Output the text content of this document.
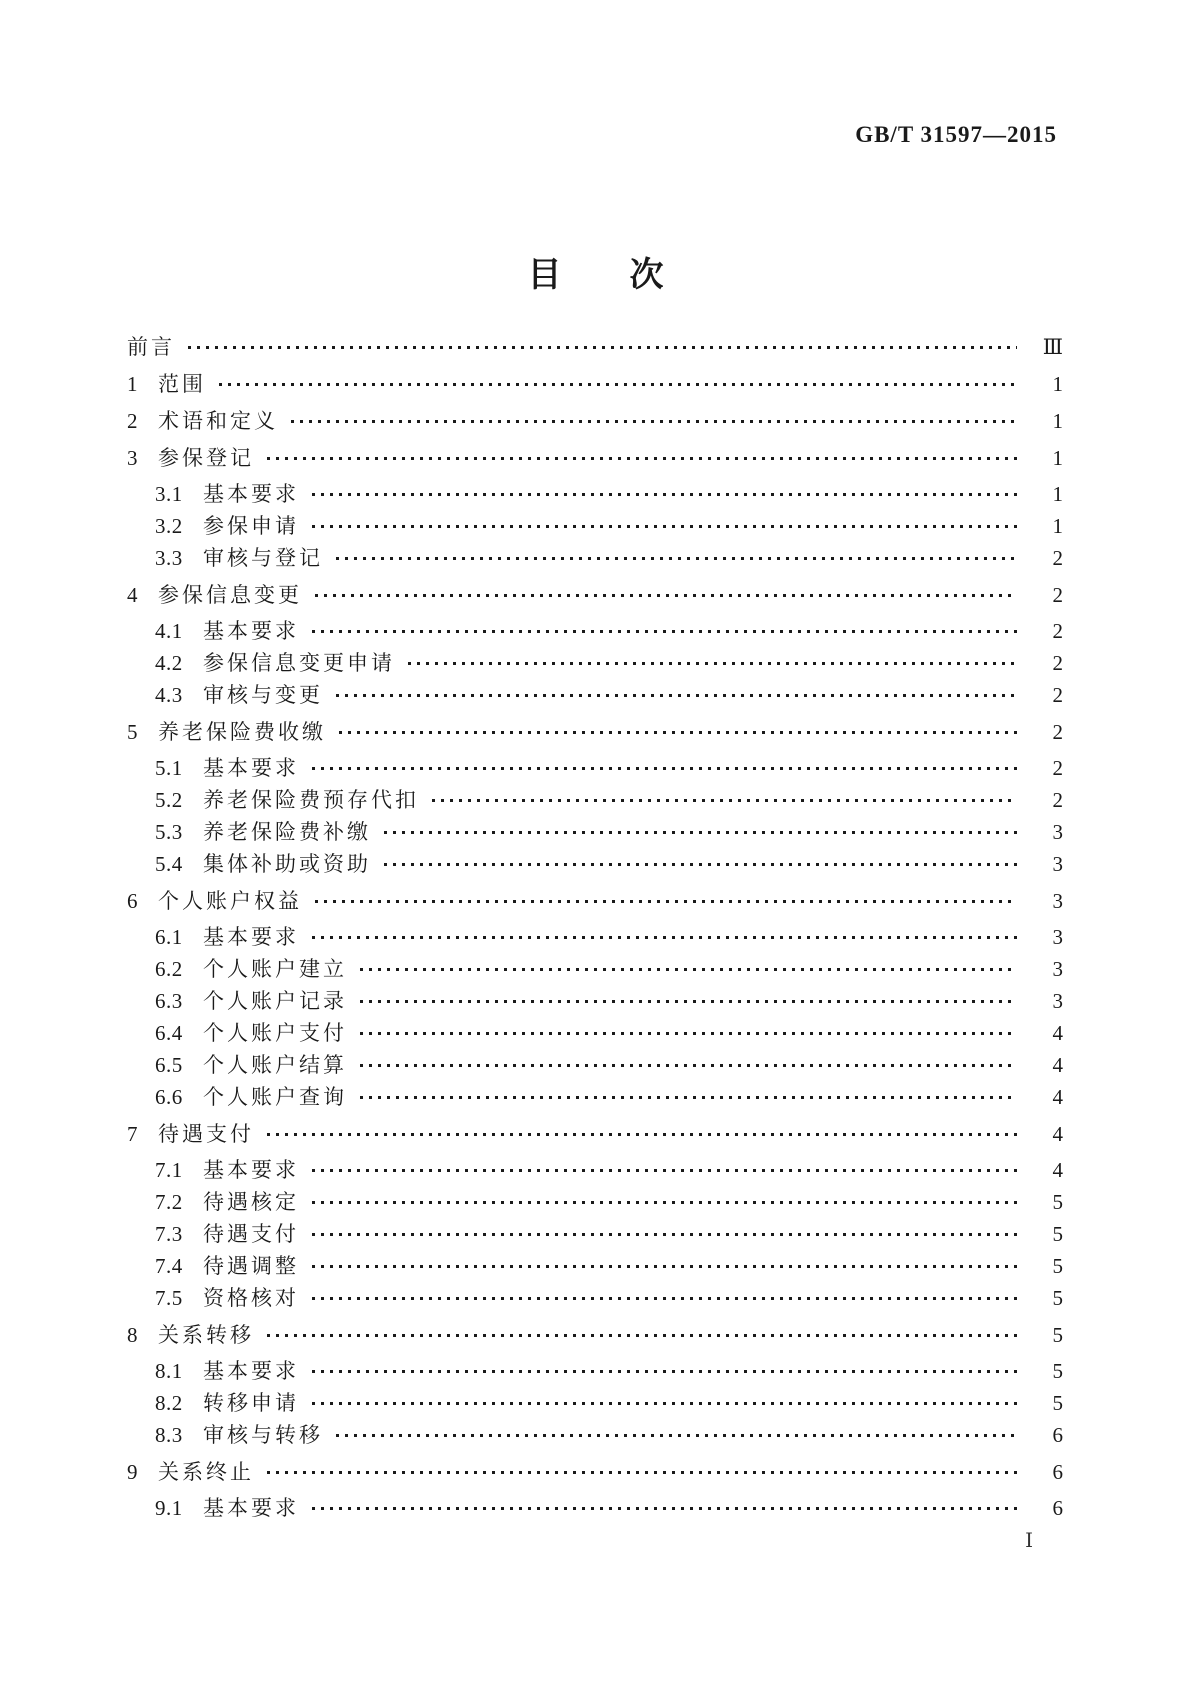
GB/T 31597—2015
目　　次
前言	Ⅲ
1 范围	1
2 术语和定义	1
3 参保登记	1
3.1 基本要求	1
3.2 参保申请	1
3.3 审核与登记	2
4 参保信息变更	2
4.1 基本要求	2
4.2 参保信息变更申请	2
4.3 审核与变更	2
5 养老保险费收缴	2
5.1 基本要求	2
5.2 养老保险费预存代扣	2
5.3 养老保险费补缴	3
5.4 集体补助或资助	3
6 个人账户权益	3
6.1 基本要求	3
6.2 个人账户建立	3
6.3 个人账户记录	3
6.4 个人账户支付	4
6.5 个人账户结算	4
6.6 个人账户查询	4
7 待遇支付	4
7.1 基本要求	4
7.2 待遇核定	5
7.3 待遇支付	5
7.4 待遇调整	5
7.5 资格核对	5
8 关系转移	5
8.1 基本要求	5
8.2 转移申请	5
8.3 审核与转移	6
9 关系终止	6
9.1 基本要求	6
Ⅰ
